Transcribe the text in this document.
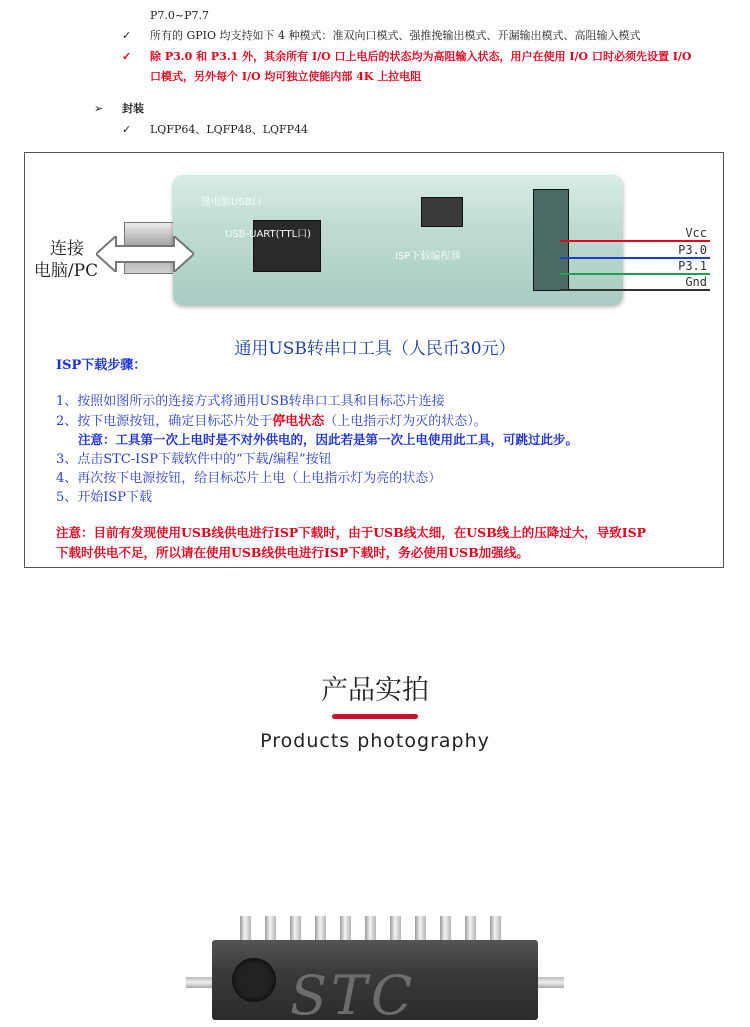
P7.0~P7.7
✓ 所有的 GPIO 均支持如下 4 种模式：准双向口模式、强推挽输出模式、开漏输出模式、高阻输入模式
✓ 除 P3.0 和 P3.1 外，其余所有 I/O 口上电后的状态均为高阻输入状态，用户在使用 I/O 口时必须先设置 I/O
口模式，另外每个 I/O 均可独立使能内部 4K 上拉电阻
➢ 封装
✓ LQFP64、LQFP48、LQFP44
接电脑USB口
USB-UART(TTL口)
ISP下载编程器
连接
电脑/PC
Vcc
P3.0
P3.1
Gnd
通用USB转串口工具（人民币30元）
ISP下载步骤：
1、按照如图所示的连接方式将通用USB转串口工具和目标芯片连接
2、按下电源按钮，确定目标芯片处于停电状态（上电指示灯为灭的状态）。
注意：工具第一次上电时是不对外供电的，因此若是第一次上电使用此工具，可跳过此步。
3、点击STC-ISP下载软件中的“下载/编程”按钮
4、再次按下电源按钮，给目标芯片上电（上电指示灯为亮的状态）
5、开始ISP下载
注意：目前有发现使用USB线供电进行ISP下载时，由于USB线太细，在USB线上的压降过大，导致ISP
下载时供电不足，所以请在使用USB线供电进行ISP下载时，务必使用USB加强线。
产品实拍
Products photography
STC
